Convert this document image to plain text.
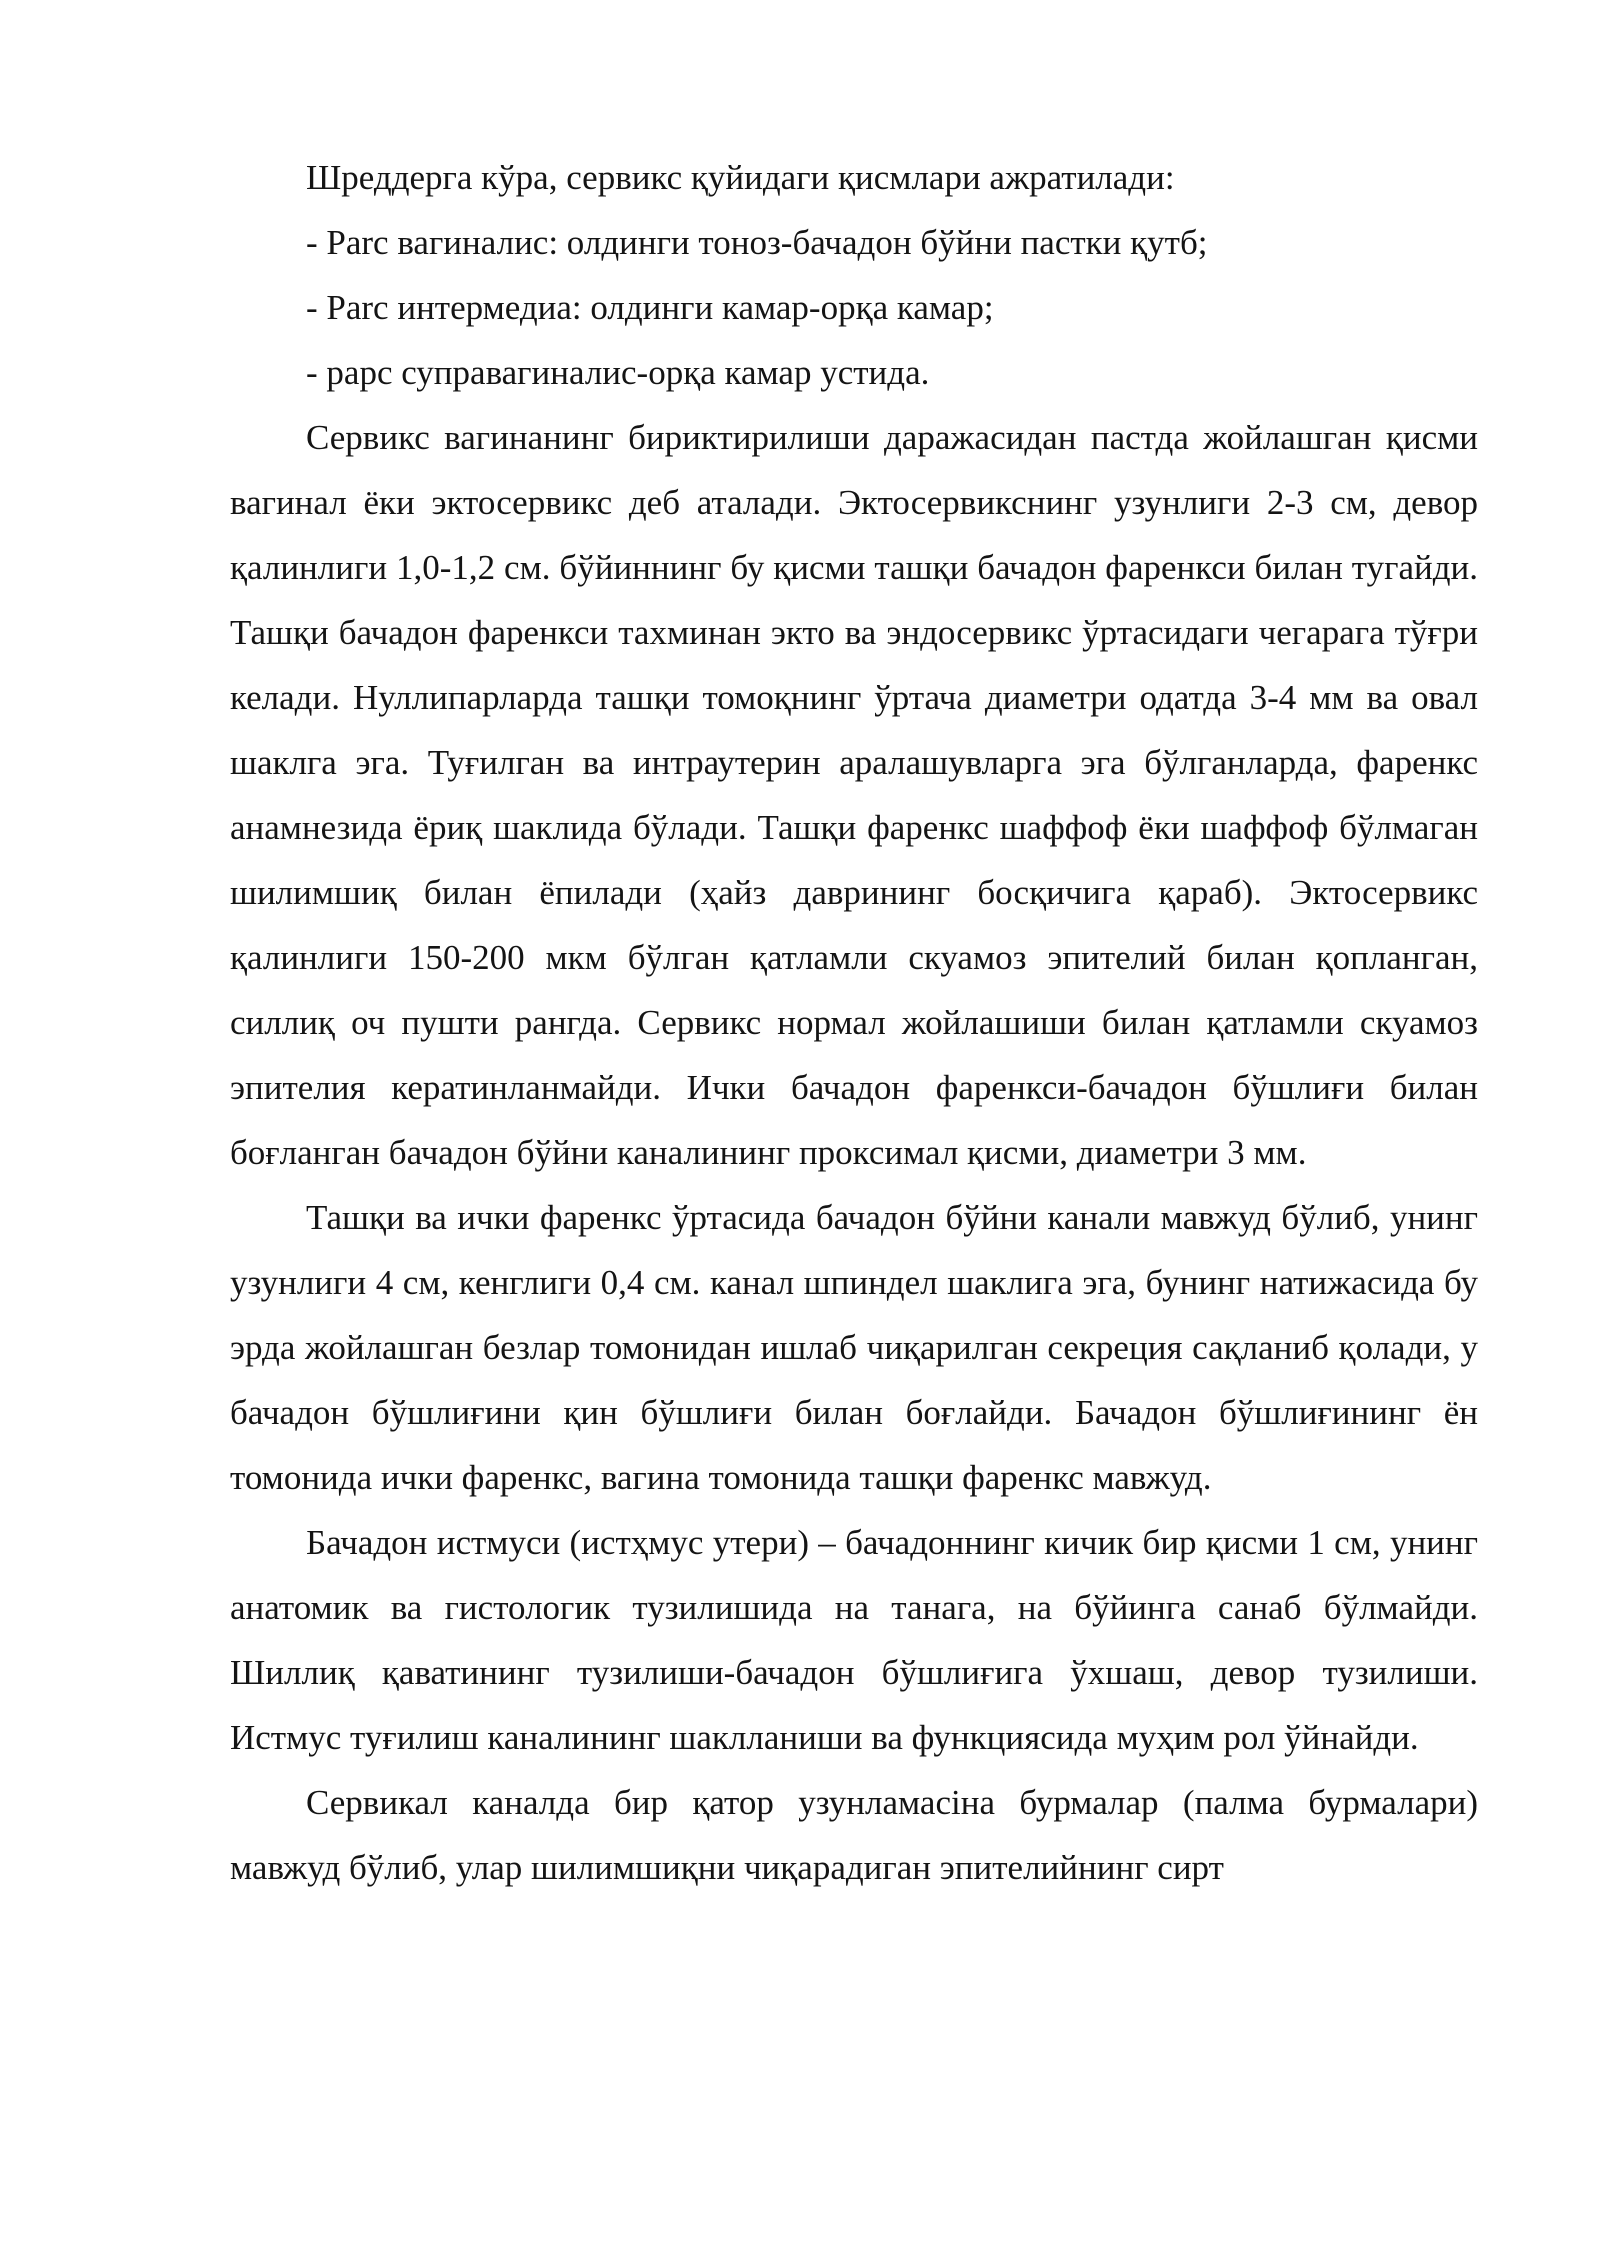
Шреддерга кўра, сервикс қуйидаги қисмлари ажратилади:

- Parс вагиналис: олдинги тоноз-бачадон бўйни пастки қутб;

- Parс интермедиа: олдинги камар-орқа камар;

- рарс суправагиналис-орқа камар устида.

Сервикс вагинанинг бириктирилиши даражасидан пастда жойлашган қисми вагинал ёки эктосервикс деб аталади. Эктосервикснинг узунлиги 2-3 см, девор қалинлиги 1,0-1,2 см. бўйиннинг бу қисми ташқи бачадон фаренкси билан тугайди. Ташқи бачадон фаренкси тахминан экто ва эндосервикс ўртасидаги чегарага тўғри келади. Нуллипарларда ташқи томоқнинг ўртача диаметри одатда 3-4 мм ва овал шаклга эга. Туғилган ва интраутерин аралашувларга эга бўлганларда, фаренкс анамнезида ёриқ шаклида бўлади. Ташқи фаренкс шаффоф ёки шаффоф бўлмаган шилимшиқ билан ёпилади (ҳайз даврининг босқичига қараб). Эктосервикс қалинлиги 150-200 мкм бўлган қатламли скуамоз эпителий билан қопланган, силлиқ оч пушти рангда. Сервикс нормал жойлашиши билан қатламли скуамоз эпителия кератинланмайди. Ички бачадон фаренкси-бачадон бўшлиғи билан боғланган бачадон бўйни каналининг проксимал қисми, диаметри 3 мм.

Ташқи ва ички фаренкс ўртасида бачадон бўйни канали мавжуд бўлиб, унинг узунлиги 4 см, кенглиги 0,4 см. канал шпиндел шаклига эга, бунинг натижасида бу эрда жойлашган безлар томонидан ишлаб чиқарилган секреция сақланиб қолади, у бачадон бўшлиғини қин бўшлиғи билан боғлайди. Бачадон бўшлиғининг ён томонида ички фаренкс, вагина томонида ташқи фаренкс мавжуд.

Бачадон истмуси (истҳмус утери) – бачадоннинг кичик бир қисми 1 см, унинг анатомик ва гистологик тузилишида на танага, на бўйинга санаб бўлмайди. Шиллиқ қаватининг тузилиши-бачадон бўшлиғига ўхшаш, девор тузилиши. Истмус туғилиш каналининг шаклланиши ва функциясида муҳим рол ўйнайди.

Сервикал каналда бир қатор узунламасіна бурмалар (палма бурмалари) мавжуд бўлиб, улар шилимшиқни чиқарадиган эпителийнинг сирт
